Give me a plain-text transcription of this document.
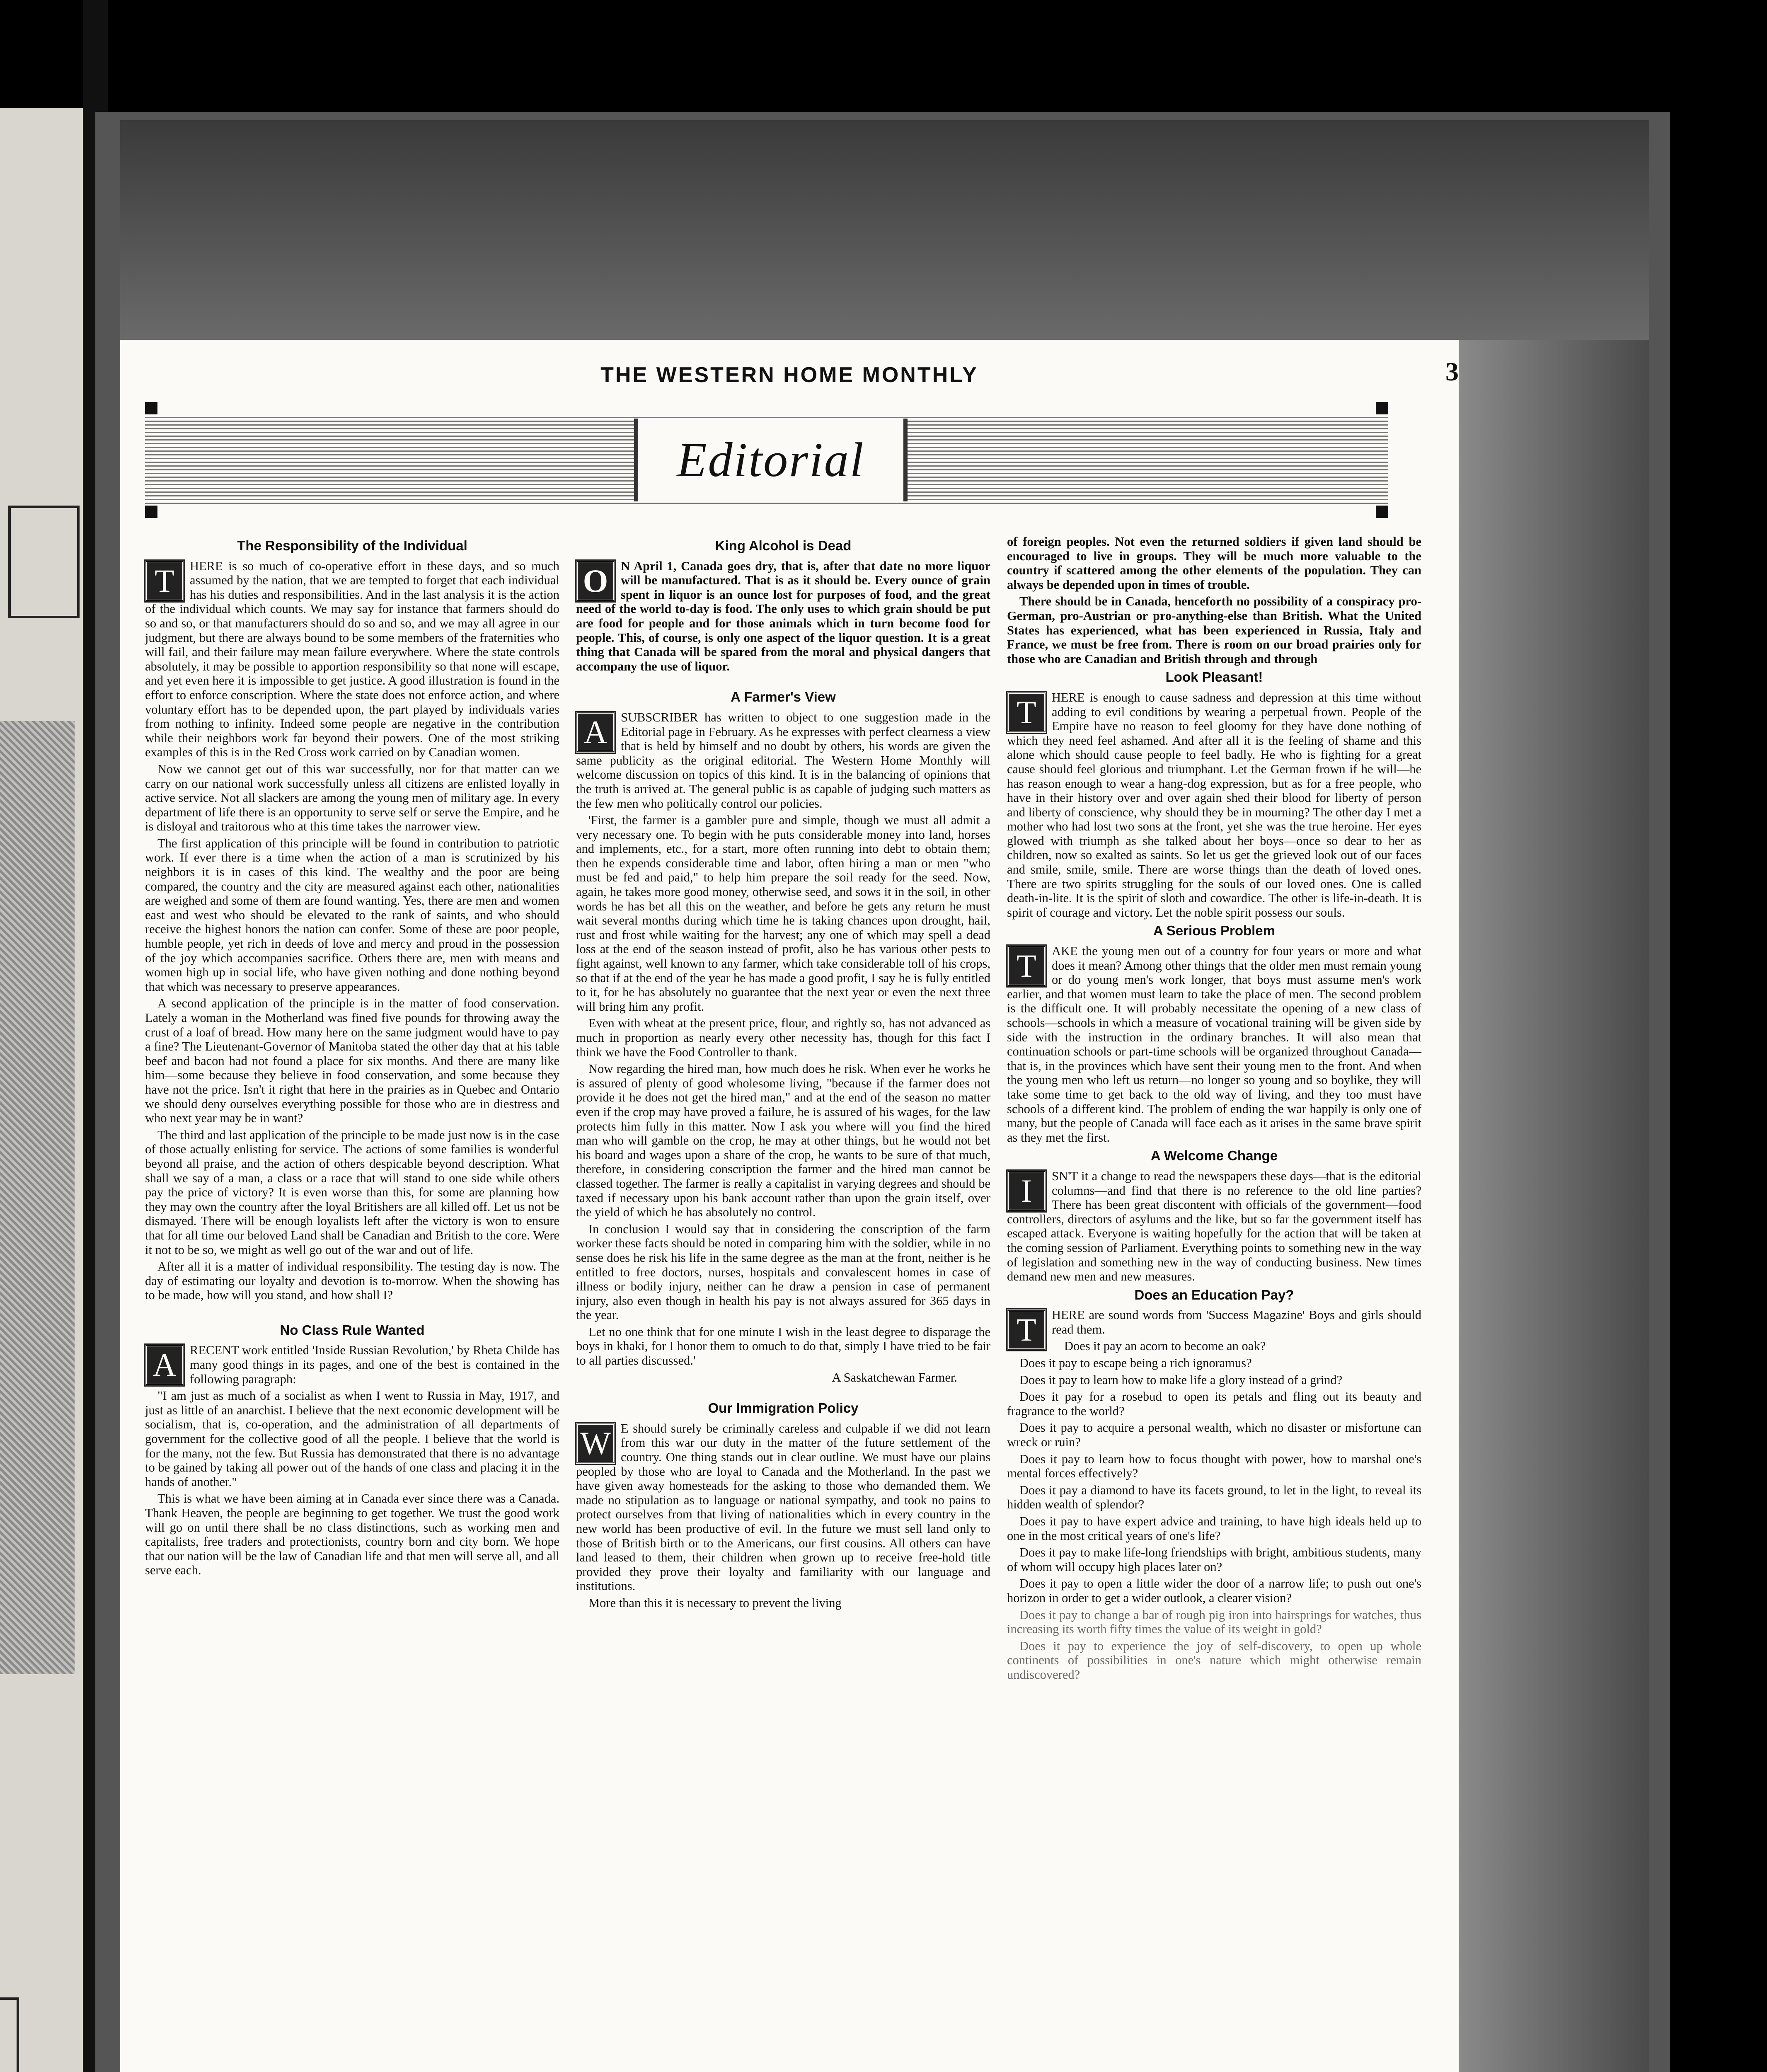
THE WESTERN HOME MONTHLY	3
Editorial
The Responsibility of the Individual

T	HERE is so much of co-operative effort in these days, and so much assumed by the nation, that we are tempted to forget that each individual has his duties and responsibilities. And in the last analysis it is the action of the individual which counts. We may say for instance that farmers should do so and so, or that manufacturers should do so and so, and we may all agree in our judgment, but there are always bound to be some members of the fraternities who will fail, and their failure may mean failure everywhere. Where the state controls absolutely, it may be possible to apportion responsibility so that none will escape, and yet even here it is impossible to get justice. A good illustration is found in the effort to enforce conscription. Where the state does not enforce action, and where voluntary effort has to be depended upon, the part played by individuals varies from nothing to infinity. Indeed some people are negative in the contribution while their neighbors work far beyond their powers. One of the most striking examples of this is in the Red Cross work carried on by Canadian women.

Now we cannot get out of this war successfully, nor for that matter can we carry on our national work successfully unless all citizens are enlisted loyally in active service. Not all slackers are among the young men of military age. In every department of life there is an opportunity to serve self or serve the Empire, and he is disloyal and traitorous who at this time takes the narrower view.

The first application of this principle will be found in contribution to patriotic work. If ever there is a time when the action of a man is scrutinized by his neighbors it is in cases of this kind. The wealthy and the poor are being compared, the country and the city are measured against each other, nationalities are weighed and some of them are found wanting. Yes, there are men and women east and west who should be elevated to the rank of saints, and who should receive the highest honors the nation can confer. Some of these are poor people, humble people, yet rich in deeds of love and mercy and proud in the possession of the joy which accompanies sacrifice. Others there are, men with means and women high up in social life, who have given nothing and done nothing beyond that which was necessary to preserve appearances.

A second application of the principle is in the matter of food conservation. Lately a woman in the Motherland was fined five pounds for throwing away the crust of a loaf of bread. How many here on the same judgment would have to pay a fine? The Lieutenant-Governor of Manitoba stated the other day that at his table beef and bacon had not found a place for six months. And there are many like him—some because they believe in food conservation, and some because they have not the price. Isn't it right that here in the prairies as in Quebec and Ontario we should deny ourselves everything possible for those who are in diestress and who next year may be in want?

The third and last application of the principle to be made just now is in the case of those actually enlisting for service. The actions of some families is wonderful beyond all praise, and the action of others despicable beyond description. What shall we say of a man, a class or a race that will stand to one side while others pay the price of victory? It is even worse than this, for some are planning how they may own the country after the loyal Britishers are all killed off. Let us not be dismayed. There will be enough loyalists left after the victory is won to ensure that for all time our beloved Land shall be Canadian and British to the core. Were it not to be so, we might as well go out of the war and out of life.

After all it is a matter of individual responsibility. The testing day is now. The day of estimating our loyalty and devotion is to-morrow. When the showing has to be made, how will you stand, and how shall I?

No Class Rule Wanted

A	RECENT work entitled 'Inside Russian Revolution,' by Rheta Childe has many good things in its pages, and one of the best is contained in the following paragraph:

"I am just as much of a socialist as when I went to Russia in May, 1917, and just as little of an anarchist. I believe that the next economic development will be socialism, that is, co-operation, and the administration of all departments of government for the collective good of all the people. I believe that the world is for the many, not the few. But Russia has demonstrated that there is no advantage to be gained by taking all power out of the hands of one class and placing it in the hands of another."

This is what we have been aiming at in Canada ever since there was a Canada. Thank Heaven, the people are beginning to get together. We trust the good work will go on until there shall be no class distinctions, such as working men and capitalists, free traders and protectionists, country born and city born. We hope that our nation will be the law of Canadian life and that men will serve all, and all serve each.

King Alcohol is Dead

O	N April 1, Canada goes dry, that is, after that date no more liquor will be manufactured. That is as it should be. Every ounce of grain spent in liquor is an ounce lost for purposes of food, and the great need of the world to-day is food. The only uses to which grain should be put are food for people and for those animals which in turn become food for people. This, of course, is only one aspect of the liquor question. It is a great thing that Canada will be spared from the moral and physical dangers that accompany the use of liquor.

A Farmer's View

A	SUBSCRIBER has written to object to one suggestion made in the Editorial page in February. As he expresses with perfect clearness a view that is held by himself and no doubt by others, his words are given the same publicity as the original editorial. The Western Home Monthly will welcome discussion on topics of this kind. It is in the balancing of opinions that the truth is arrived at. The general public is as capable of judging such matters as the few men who politically control our policies.

'First, the farmer is a gambler pure and simple, though we must all admit a very necessary one. To begin with he puts considerable money into land, horses and implements, etc., for a start, more often running into debt to obtain them; then he expends considerable time and labor, often hiring a man or men "who must be fed and paid," to help him prepare the soil ready for the seed. Now, again, he takes more good money, otherwise seed, and sows it in the soil, in other words he has bet all this on the weather, and before he gets any return he must wait several months during which time he is taking chances upon drought, hail, rust and frost while waiting for the harvest; any one of which may spell a dead loss at the end of the season instead of profit, also he has various other pests to fight against, well known to any farmer, which take considerable toll of his crops, so that if at the end of the year he has made a good profit, I say he is fully entitled to it, for he has absolutely no guarantee that the next year or even the next three will bring him any profit.

Even with wheat at the present price, flour, and rightly so, has not advanced as much in proportion as nearly every other necessity has, though for this fact I think we have the Food Controller to thank.

Now regarding the hired man, how much does he risk. When ever he works he is assured of plenty of good wholesome living, "because if the farmer does not provide it he does not get the hired man," and at the end of the season no matter even if the crop may have proved a failure, he is assured of his wages, for the law protects him fully in this matter. Now I ask you where will you find the hired man who will gamble on the crop, he may at other things, but he would not bet his board and wages upon a share of the crop, he wants to be sure of that much, therefore, in considering conscription the farmer and the hired man cannot be classed together. The farmer is really a capitalist in varying degrees and should be taxed if necessary upon his bank account rather than upon the grain itself, over the yield of which he has absolutely no control.

In conclusion I would say that in considering the conscription of the farm worker these facts should be noted in comparing him with the soldier, while in no sense does he risk his life in the same degree as the man at the front, neither is he entitled to free doctors, nurses, hospitals and convalescent homes in case of illness or bodily injury, neither can he draw a pension in case of permanent injury, also even though in health his pay is not always assured for 365 days in the year.

Let no one think that for one minute I wish in the least degree to disparage the boys in khaki, for I honor them to omuch to do that, simply I have tried to be fair to all parties discussed.'

A Saskatchewan Farmer.
Our Immigration Policy

W E should surely be criminally careless and culpable if we did not learn from this war our duty in the matter of the future settlement of the country. One thing stands out in clear outline. We must have our plains peopled by those who are loyal to Canada and the Motherland. In the past we have given away homesteads for the asking to those who demanded them. We made no stipulation as to language or national sympathy, and took no pains to protect ourselves from that living of nationalities which in every country in the new world has been productive of evil. In the future we must sell land only to those of British birth or to the Americans, our first cousins. All others can have land leased to them, their children when grown up to receive free-hold title provided they prove their loyalty and familiarity with our language and institutions.

More than this it is necessary to prevent the living

of foreign peoples. Not even the returned soldiers if given land should be encouraged to live in groups. They will be much more valuable to the country if scattered among the other elements of the population. They can always be depended upon in times of trouble.

There should be in Canada, henceforth no possibility of a conspiracy pro-German, pro-Austrian or pro-anything-else than British. What the United States has experienced, what has been experienced in Russia, Italy and France, we must be free from. There is room on our broad prairies only for those who are Canadian and British through and through

Look Pleasant!

T	HERE is enough to cause sadness and depression at this time without adding to evil conditions by wearing a perpetual frown. People of the Empire have no reason to feel gloomy for they have done nothing of which they need feel ashamed. And after all it is the feeling of shame and this alone which should cause people to feel badly. He who is fighting for a great cause should feel glorious and triumphant. Let the German frown if he will—he has reason enough to wear a hang-dog expression, but as for a free people, who have in their history over and over again shed their blood for liberty of person and liberty of conscience, why should they be in mourning? The other day I met a mother who had lost two sons at the front, yet she was the true heroine. Her eyes glowed with triumph as she talked about her boys—once so dear to her as children, now so exalted as saints. So let us get the grieved look out of our faces and smile, smile, smile. There are worse things than the death of loved ones. There are two spirits struggling for the souls of our loved ones. One is called death-in-lite. It is the spirit of sloth and cowardice. The other is life-in-death. It is spirit of courage and victory. Let the noble spirit possess our souls.

A Serious Problem

T	AKE the young men out of a country for four years or more and what does it mean? Among other things that the older men must remain young or do young men's work longer, that boys must assume men's work earlier, and that women must learn to take the place of men. The second problem is the difficult one. It will probably necessitate the opening of a new class of schools—schools in which a measure of vocational training will be given side by side with the instruction in the ordinary branches. It will also mean that continuation schools or part-time schools will be organized throughout Canada—that is, in the provinces which have sent their young men to the front. And when the young men who left us return—no longer so young and so boylike, they will take some time to get back to the old way of living, and they too must have schools of a different kind. The problem of ending the war happily is only one of many, but the people of Canada will face each as it arises in the same brave spirit as they met the first.

A Welcome Change

I	SN'T it a change to read the newspapers these days—that is the editorial columns—and find that there is no reference to the old line parties? There has been great discontent with officials of the government—food controllers, directors of asylums and the like, but so far the government itself has escaped attack. Everyone is waiting hopefully for the action that will be taken at the coming session of Parliament. Everything points to something new in the way of legislation and something new in the way of conducting business. New times demand new men and new measures.

Does an Education Pay?

T	HERE are sound words from 'Success Magazine' Boys and girls should read them.

Does it pay an acorn to become an oak?

Does it pay to escape being a rich ignoramus?

Does it pay to learn how to make life a glory instead of a grind?

Does it pay for a rosebud to open its petals and fling out its beauty and fragrance to the world?

Does it pay to acquire a personal wealth, which no disaster or misfortune can wreck or ruin?

Does it pay to learn how to focus thought with power, how to marshal one's mental forces effectively?

Does it pay a diamond to have its facets ground, to let in the light, to reveal its hidden wealth of splendor?

Does it pay to have expert advice and training, to have high ideals held up to one in the most critical years of one's life?

Does it pay to make life-long friendships with bright, ambitious students, many of whom will occupy high places later on?

Does it pay to open a little wider the door of a narrow life; to push out one's horizon in order to get a wider outlook, a clearer vision?

Does it pay to change a bar of rough pig iron into hairsprings for watches, thus increasing its worth fifty times the value of its weight in gold?

Does it pay to experience the joy of self-discovery, to open up whole continents of possibilities in one's nature which might otherwise remain undiscovered?
